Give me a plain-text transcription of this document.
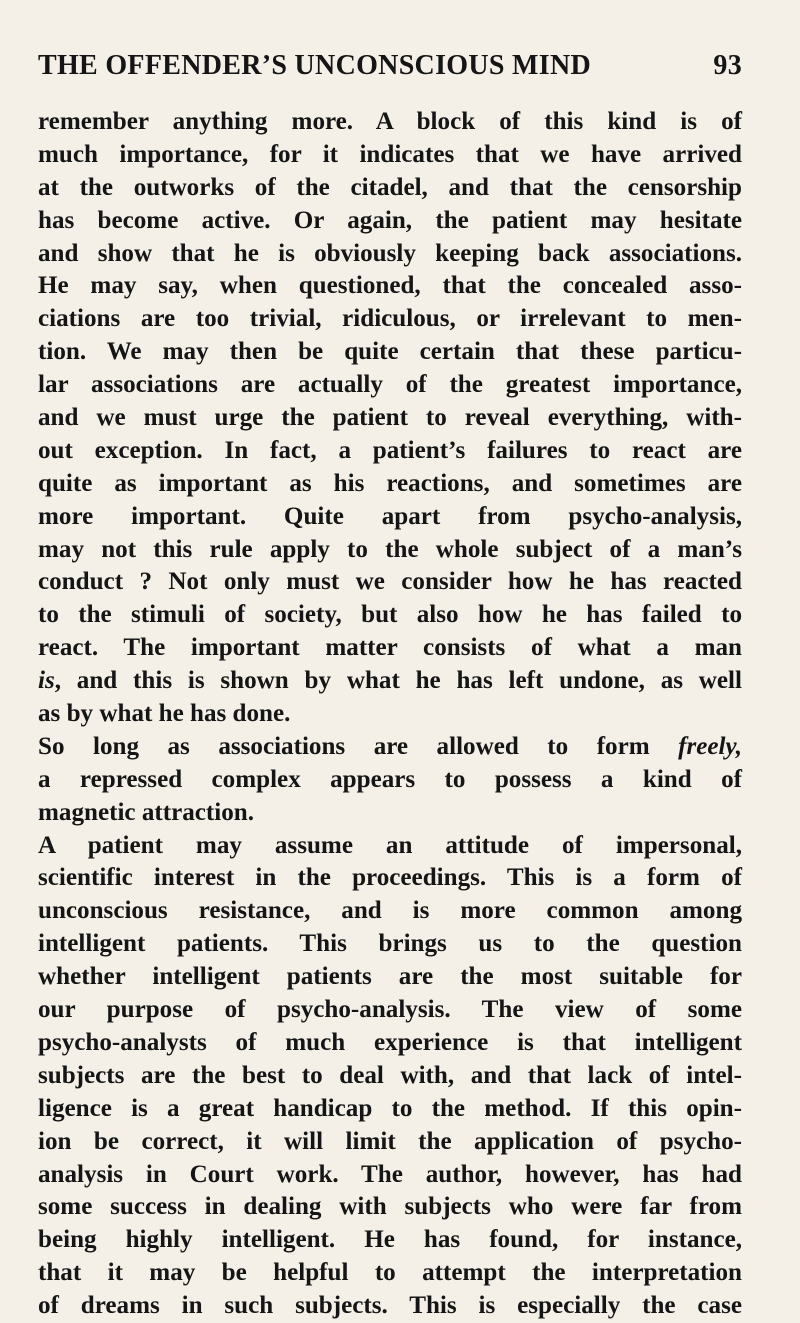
THE OFFENDER’S UNCONSCIOUS MIND	93
remember anything more. A block of this kind is of
much importance, for it indicates that we have arrived
at the outworks of the citadel, and that the censorship
has become active. Or again, the patient may hesitate
and show that he is obviously keeping back associations.
He may say, when questioned, that the concealed asso-
ciations are too trivial, ridiculous, or irrelevant to men-
tion. We may then be quite certain that these particu-
lar associations are actually of the greatest importance,
and we must urge the patient to reveal everything, with-
out exception. In fact, a patient’s failures to react are
quite as important as his reactions, and sometimes are
more important. Quite apart from psycho-analysis,
may not this rule apply to the whole subject of a man’s
conduct ? Not only must we consider how he has reacted
to the stimuli of society, but also how he has failed to
react. The important matter consists of what a man
is, and this is shown by what he has left undone, as well
as by what he has done.
So long as associations are allowed to form freely,
a repressed complex appears to possess a kind of
magnetic attraction.
A patient may assume an attitude of impersonal,
scientific interest in the proceedings. This is a form of
unconscious resistance, and is more common among
intelligent patients. This brings us to the question
whether intelligent patients are the most suitable for
our purpose of psycho-analysis. The view of some
psycho-analysts of much experience is that intelligent
subjects are the best to deal with, and that lack of intel-
ligence is a great handicap to the method. If this opin-
ion be correct, it will limit the application of psycho-
analysis in Court work. The author, however, has had
some success in dealing with subjects who were far from
being highly intelligent. He has found, for instance,
that it may be helpful to attempt the interpretation
of dreams in such subjects. This is especially the case
